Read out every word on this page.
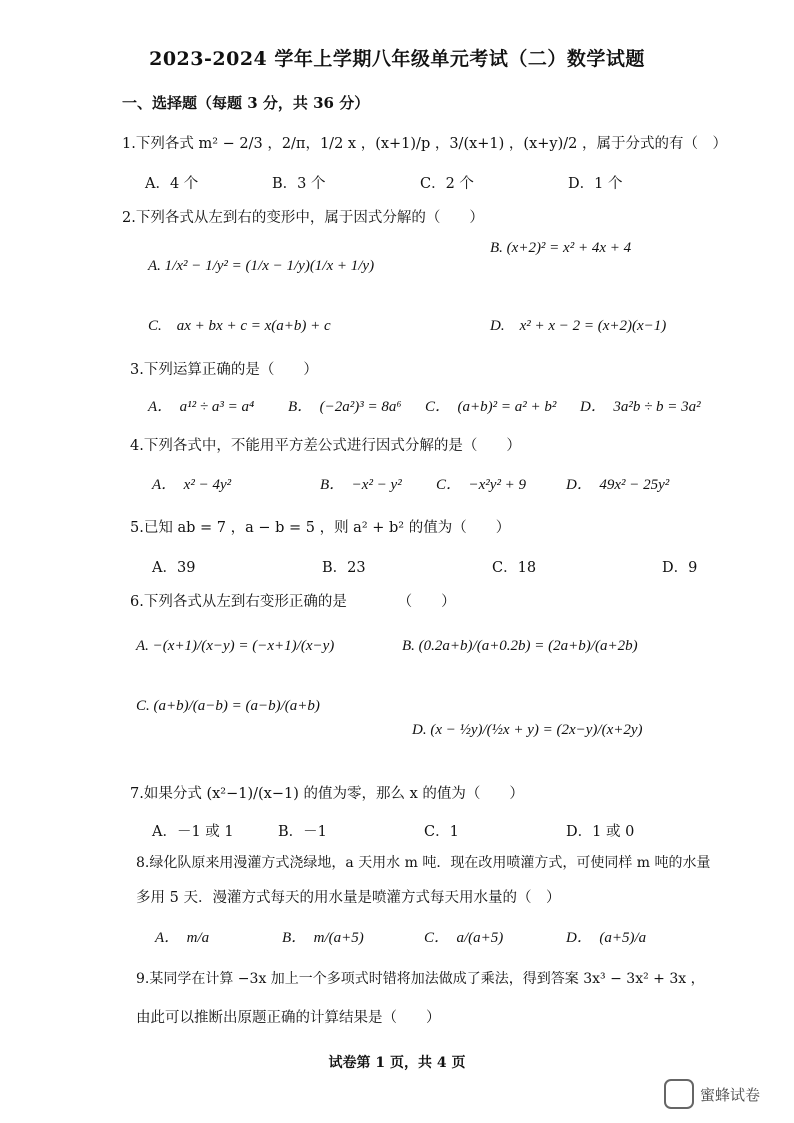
2023-2024 学年上学期八年级单元考试（二）数学试题
一、选择题（每题 3 分，共 36 分）
1.下列各式 m² − 2/3 ，2/π，1/2 x ，(x+1)/p ，3/(x+1) ，(x+y)/2 ，属于分式的有（　）
A．4 个	B．3 个	C．2 个	D．1 个
2.下列各式从左到右的变形中，属于因式分解的（　　）
A. 1/x² − 1/y² = (1/x − 1/y)(1/x + 1/y)
B. (x+2)² = x² + 4x + 4
C.　ax + bx + c = x(a+b) + c	D.　x² + x − 2 = (x+2)(x−1)
3.下列运算正确的是（　　）
A．　a¹² ÷ a³ = a⁴ B．　(−2a²)³ = 8a⁶ C．　(a+b)² = a² + b² D．　3a²b ÷ b = 3a²
4.下列各式中，不能用平方差公式进行因式分解的是（　　）
A．　x² − 4y²	B．　−x² − y² C．　−x²y² + 9	D．　49x² − 25y²
5.已知 ab = 7 ，a − b = 5 ，则 a² + b² 的值为（　　）
A．39	B．23	C．18	D．9
6.下列各式从左到右变形正确的是　　　　（　　）
A. −(x+1)/(x−y) = (−x+1)/(x−y)	B. (0.2a+b)/(a+0.2b) = (2a+b)/(a+2b)
C. (a+b)/(a−b) = (a−b)/(a+b)
D. (x − ½y)/(½x + y) = (2x−y)/(x+2y)
7.如果分式 (x²−1)/(x−1) 的值为零，那么 x 的值为（　　）
A．－1 或 1	B．－1	C．1	D．1 或 0
8.绿化队原来用漫灌方式浇绿地，a 天用水 m 吨．现在改用喷灌方式，可使同样 m 吨的水量
多用 5 天．漫灌方式每天的用水量是喷灌方式每天用水量的（　）
A．　m/a	B．　m/(a+5)	C．　a/(a+5)	D．　(a+5)/a
9.某同学在计算 −3x 加上一个多项式时错将加法做成了乘法，得到答案 3x³ − 3x² + 3x ，
由此可以推断出原题正确的计算结果是（　　）
试卷第 1 页，共 4 页
蜜蜂试卷
